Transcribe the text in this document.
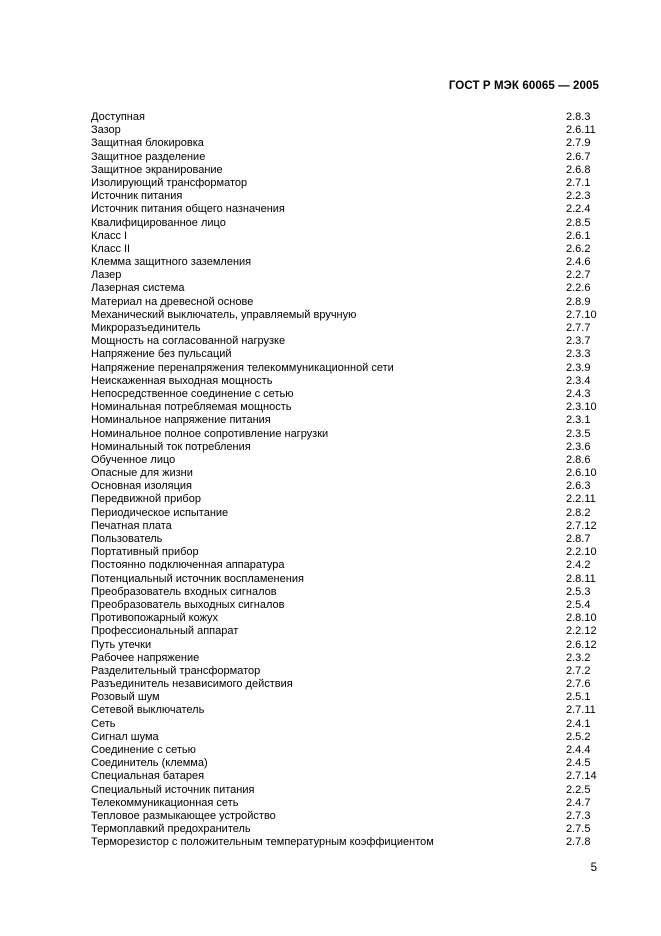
ГОСТ Р МЭК 60065 — 2005
Доступная	2.8.3
Зазор	2.6.11
Защитная блокировка	2.7.9
Защитное разделение	2.6.7
Защитное экранирование	2.6.8
Изолирующий трансформатор	2.7.1
Источник питания	2.2.3
Источник питания общего назначения	2.2.4
Квалифицированное лицо	2.8.5
Класс I	2.6.1
Класс II	2.6.2
Клемма защитного заземления	2.4.6
Лазер	2.2.7
Лазерная система	2.2.6
Материал на древесной основе	2.8.9
Механический выключатель, управляемый вручную	2.7.10
Микроразъединитель	2.7.7
Мощность на согласованной нагрузке	2.3.7
Напряжение без пульсаций	2.3.3
Напряжение перенапряжения телекоммуникационной сети	2.3.9
Неискаженная выходная мощность	2.3.4
Непосредственное соединение с сетью	2.4.3
Номинальная потребляемая мощность	2.3.10
Номинальное напряжение питания	2.3.1
Номинальное полное сопротивление нагрузки	2.3.5
Номинальный ток потребления	2.3.6
Обученное лицо	2.8.6
Опасные для жизни	2.6.10
Основная изоляция	2.6.3
Передвижной прибор	2.2.11
Периодическое испытание	2.8.2
Печатная плата	2.7.12
Пользователь	2.8.7
Портативный прибор	2.2.10
Постоянно подключенная аппаратура	2.4.2
Потенциальный источник воспламенения	2.8.11
Преобразователь входных сигналов	2.5.3
Преобразователь выходных сигналов	2.5.4
Противопожарный кожух	2.8.10
Профессиональный аппарат	2.2.12
Путь утечки	2.6.12
Рабочее напряжение	2.3.2
Разделительный трансформатор	2.7.2
Разъединитель независимого действия	2.7.6
Розовый шум	2.5.1
Сетевой выключатель	2.7.11
Сеть	2.4.1
Сигнал шума	2.5.2
Соединение с сетью	2.4.4
Соединитель (клемма)	2.4.5
Специальная батарея	2.7.14
Специальный источник питания	2.2.5
Телекоммуникационная сеть	2.4.7
Тепловое размыкающее устройство	2.7.3
Термоплавкий предохранитель	2.7.5
Терморезистор с положительным температурным коэффициентом	2.7.8
5
